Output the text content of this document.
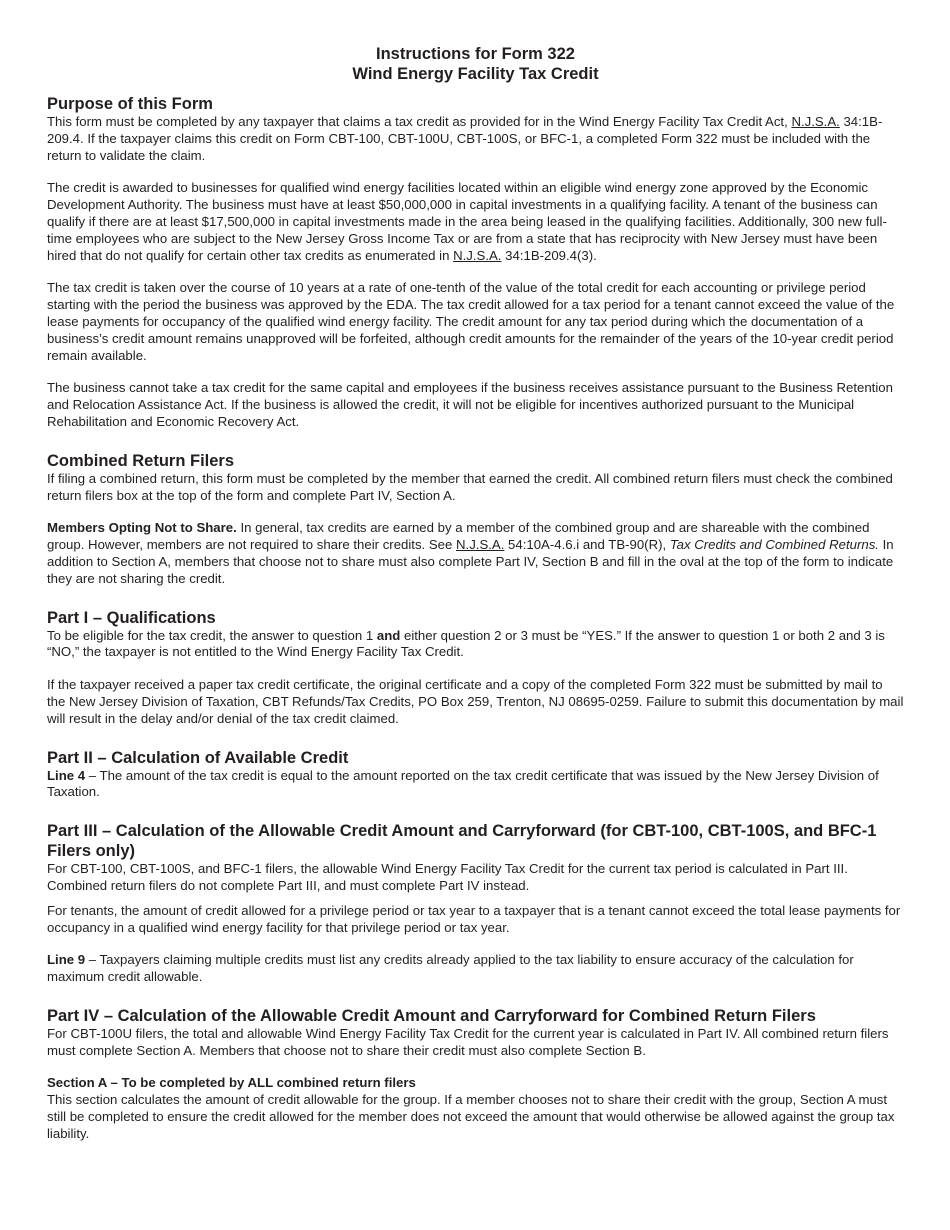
Instructions for Form 322
Wind Energy Facility Tax Credit
Purpose of this Form

This form must be completed by any taxpayer that claims a tax credit as provided for in the Wind Energy Facility Tax Credit Act, N.J.S.A. 34:1B-209.4. If the taxpayer claims this credit on Form CBT-100, CBT-100U, CBT-100S, or BFC-1, a completed Form 322 must be included with the return to validate the claim.

The credit is awarded to businesses for qualified wind energy facilities located within an eligible wind energy zone approved by the Economic Development Authority. The business must have at least $50,000,000 in capital investments in a qualifying facility. A tenant of the business can qualify if there are at least $17,500,000 in capital investments made in the area being leased in the qualifying facilities. Additionally, 300 new full-time employees who are subject to the New Jersey Gross Income Tax or are from a state that has reciprocity with New Jersey must have been hired that do not qualify for certain other tax credits as enumerated in N.J.S.A. 34:1B-209.4(3).

The tax credit is taken over the course of 10 years at a rate of one-tenth of the value of the total credit for each accounting or privilege period starting with the period the business was approved by the EDA. The tax credit allowed for a tax period for a tenant cannot exceed the value of the lease payments for occupancy of the qualified wind energy facility. The credit amount for any tax period during which the documentation of a business’s credit amount remains unapproved will be forfeited, although credit amounts for the remainder of the years of the 10-year credit period remain available.

The business cannot take a tax credit for the same capital and employees if the business receives assistance pursuant to the Business Retention and Relocation Assistance Act. If the business is allowed the credit, it will not be eligible for incentives authorized pursuant to the Municipal Rehabilitation and Economic Recovery Act.

Combined Return Filers

If filing a combined return, this form must be completed by the member that earned the credit. All combined return filers must check the combined return filers box at the top of the form and complete Part IV, Section A.

Members Opting Not to Share. In general, tax credits are earned by a member of the combined group and are shareable with the combined group. However, members are not required to share their credits. See N.J.S.A. 54:10A-4.6.i and TB-90(R), Tax Credits and Combined Returns. In addition to Section A, members that choose not to share must also complete Part IV, Section B and fill in the oval at the top of the form to indicate they are not sharing the credit.

Part I – Qualifications

To be eligible for the tax credit, the answer to question 1 and either question 2 or 3 must be “YES.” If the answer to question 1 or both 2 and 3 is “NO,” the taxpayer is not entitled to the Wind Energy Facility Tax Credit.

If the taxpayer received a paper tax credit certificate, the original certificate and a copy of the completed Form 322 must be submitted by mail to the New Jersey Division of Taxation, CBT Refunds/Tax Credits, PO Box 259, Trenton, NJ 08695-0259. Failure to submit this documentation by mail will result in the delay and/or denial of the tax credit claimed.

Part II – Calculation of Available Credit

Line 4 – The amount of the tax credit is equal to the amount reported on the tax credit certificate that was issued by the New Jersey Division of Taxation.

Part III – Calculation of the Allowable Credit Amount and Carryforward (for CBT-100, CBT-100S, and BFC-1 Filers only)

For CBT-100, CBT-100S, and BFC-1 filers, the allowable Wind Energy Facility Tax Credit for the current tax period is calculated in Part III. Combined return filers do not complete Part III, and must complete Part IV instead.

For tenants, the amount of credit allowed for a privilege period or tax year to a taxpayer that is a tenant cannot exceed the total lease payments for occupancy in a qualified wind energy facility for that privilege period or tax year.

Line 9 – Taxpayers claiming multiple credits must list any credits already applied to the tax liability to ensure accuracy of the calculation for maximum credit allowable.

Part IV – Calculation of the Allowable Credit Amount and Carryforward for Combined Return Filers

For CBT-100U filers, the total and allowable Wind Energy Facility Tax Credit for the current year is calculated in Part IV. All combined return filers must complete Section A. Members that choose not to share their credit must also complete Section B.

Section A – To be completed by ALL combined return filers

This section calculates the amount of credit allowable for the group. If a member chooses not to share their credit with the group, Section A must still be completed to ensure the credit allowed for the member does not exceed the amount that would otherwise be allowed against the group tax liability.
